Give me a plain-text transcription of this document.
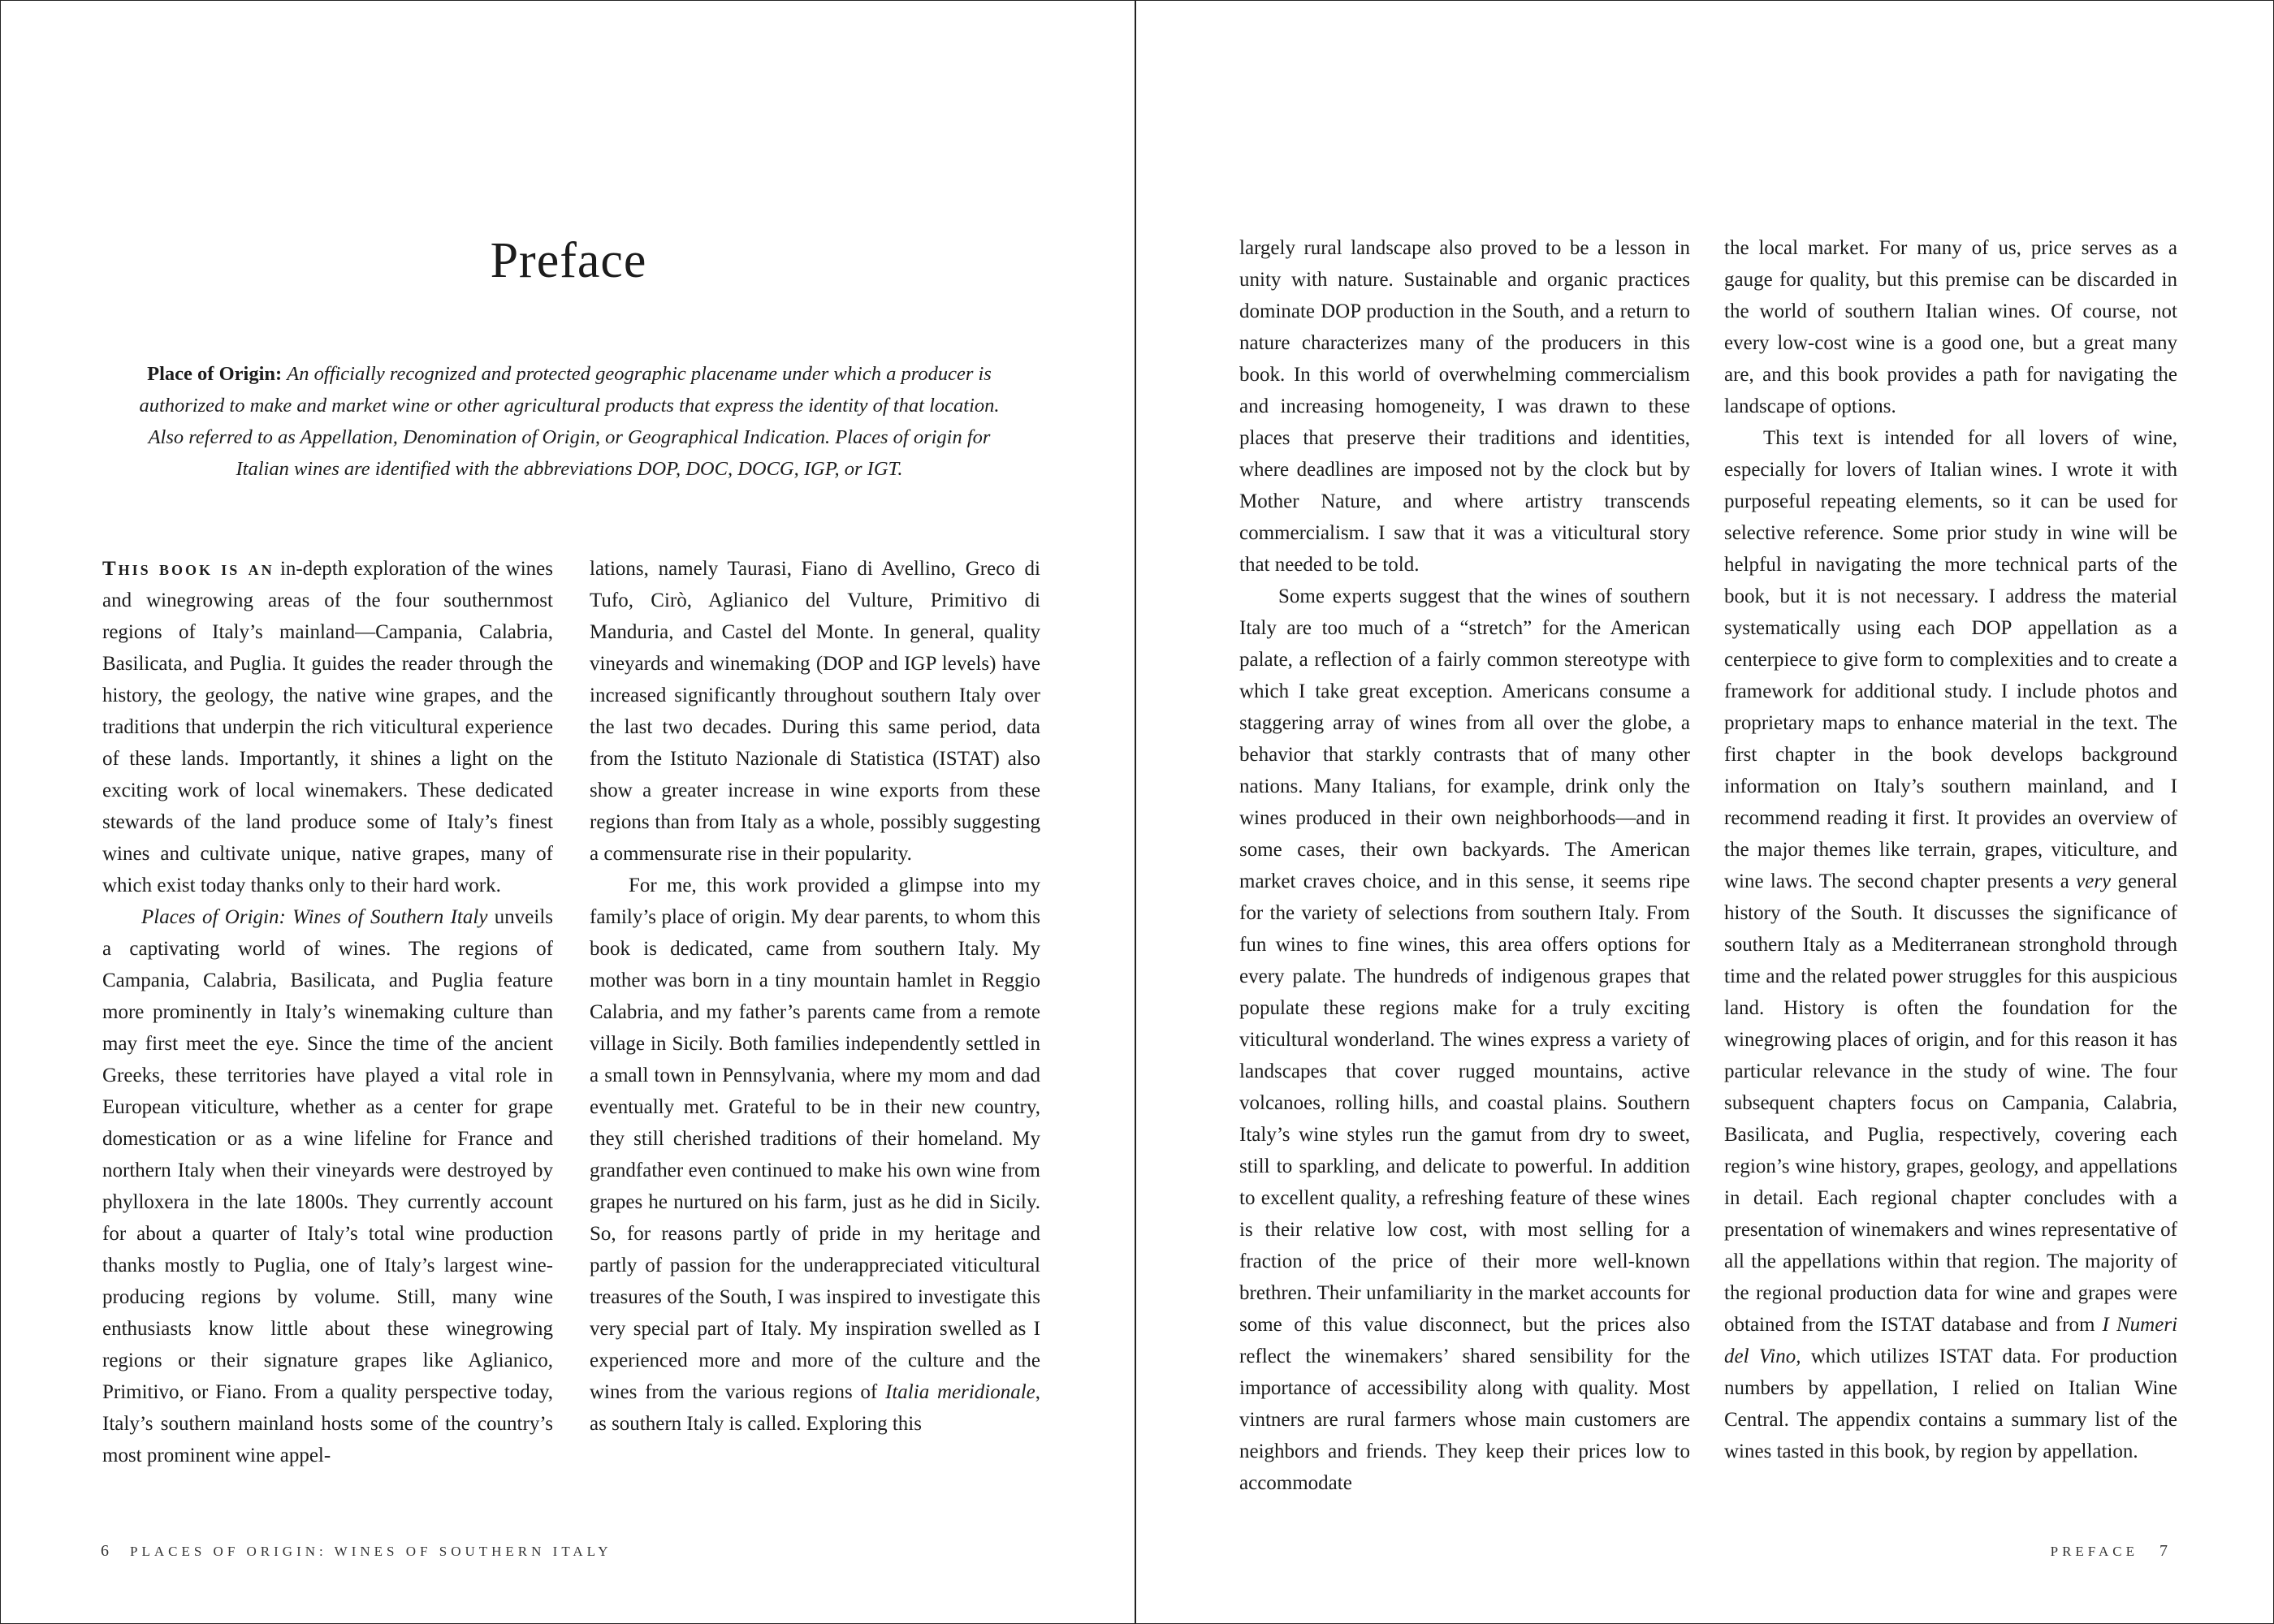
Preface

Place of Origin: An officially recognized and protected geographic placename under which a producer is authorized to make and market wine or other agricultural products that express the identity of that location. Also referred to as Appellation, Denomination of Origin, or Geographical Indication. Places of origin for Italian wines are identified with the abbreviations DOP, DOC, DOCG, IGP, or IGT.

This book is an in-depth exploration of the wines and winegrowing areas of the four southernmost regions of Italy’s mainland—Campania, Calabria, Basilicata, and Puglia. It guides the reader through the history, the geology, the native wine grapes, and the traditions that underpin the rich viticultural experience of these lands. Importantly, it shines a light on the exciting work of local winemakers. These dedicated stewards of the land produce some of Italy’s finest wines and cultivate unique, native grapes, many of which exist today thanks only to their hard work.

Places of Origin: Wines of Southern Italy unveils a captivating world of wines. The regions of Campania, Calabria, Basilicata, and Puglia feature more prominently in Italy’s winemaking culture than may first meet the eye. Since the time of the ancient Greeks, these territories have played a vital role in European viticulture, whether as a center for grape domestication or as a wine lifeline for France and northern Italy when their vineyards were destroyed by phylloxera in the late 1800s. They currently account for about a quarter of Italy’s total wine production thanks mostly to Puglia, one of Italy’s largest wine-producing regions by volume. Still, many wine enthusiasts know little about these winegrowing regions or their signature grapes like Aglianico, Primitivo, or Fiano. From a quality perspective today, Italy’s southern mainland hosts some of the country’s most prominent wine appel-

lations, namely Taurasi, Fiano di Avellino, Greco di Tufo, Cirò, Aglianico del Vulture, Primitivo di Manduria, and Castel del Monte. In general, quality vineyards and winemaking (DOP and IGP levels) have increased significantly throughout southern Italy over the last two decades. During this same period, data from the Istituto Nazionale di Statistica (ISTAT) also show a greater increase in wine exports from these regions than from Italy as a whole, possibly suggesting a commensurate rise in their popularity.

For me, this work provided a glimpse into my family’s place of origin. My dear parents, to whom this book is dedicated, came from southern Italy. My mother was born in a tiny mountain hamlet in Reggio Calabria, and my father’s parents came from a remote village in Sicily. Both families independently settled in a small town in Pennsylvania, where my mom and dad eventually met. Grateful to be in their new country, they still cherished traditions of their homeland. My grandfather even continued to make his own wine from grapes he nurtured on his farm, just as he did in Sicily. So, for reasons partly of pride in my heritage and partly of passion for the underappreciated viticultural treasures of the South, I was inspired to investigate this very special part of Italy. My inspiration swelled as I experienced more and more of the culture and the wines from the various regions of Italia meridionale, as southern Italy is called. Exploring this

6 PLACES OF ORIGIN: WINES OF SOUTHERN ITALY

largely rural landscape also proved to be a lesson in unity with nature. Sustainable and organic practices dominate DOP production in the South, and a return to nature characterizes many of the producers in this book. In this world of overwhelming commercialism and increasing homogeneity, I was drawn to these places that preserve their traditions and identities, where deadlines are imposed not by the clock but by Mother Nature, and where artistry transcends commercialism. I saw that it was a viticultural story that needed to be told.

Some experts suggest that the wines of southern Italy are too much of a “stretch” for the American palate, a reflection of a fairly common stereotype with which I take great exception. Americans consume a staggering array of wines from all over the globe, a behavior that starkly contrasts that of many other nations. Many Italians, for example, drink only the wines produced in their own neighborhoods—and in some cases, their own backyards. The American market craves choice, and in this sense, it seems ripe for the variety of selections from southern Italy. From fun wines to fine wines, this area offers options for every palate. The hundreds of indigenous grapes that populate these regions make for a truly exciting viticultural wonderland. The wines express a variety of landscapes that cover rugged mountains, active volcanoes, rolling hills, and coastal plains. Southern Italy’s wine styles run the gamut from dry to sweet, still to sparkling, and delicate to powerful. In addition to excellent quality, a refreshing feature of these wines is their relative low cost, with most selling for a fraction of the price of their more well-known brethren. Their unfamiliarity in the market accounts for some of this value disconnect, but the prices also reflect the winemakers’ shared sensibility for the importance of accessibility along with quality. Most vintners are rural farmers whose main customers are neighbors and friends. They keep their prices low to accommodate

the local market. For many of us, price serves as a gauge for quality, but this premise can be discarded in the world of southern Italian wines. Of course, not every low-cost wine is a good one, but a great many are, and this book provides a path for navigating the landscape of options.

This text is intended for all lovers of wine, especially for lovers of Italian wines. I wrote it with purposeful repeating elements, so it can be used for selective reference. Some prior study in wine will be helpful in navigating the more technical parts of the book, but it is not necessary. I address the material systematically using each DOP appellation as a centerpiece to give form to complexities and to create a framework for additional study. I include photos and proprietary maps to enhance material in the text. The first chapter in the book develops background information on Italy’s southern mainland, and I recommend reading it first. It provides an overview of the major themes like terrain, grapes, viticulture, and wine laws. The second chapter presents a very general history of the South. It discusses the significance of southern Italy as a Mediterranean stronghold through time and the related power struggles for this auspicious land. History is often the foundation for the winegrowing places of origin, and for this reason it has particular relevance in the study of wine. The four subsequent chapters focus on Campania, Calabria, Basilicata, and Puglia, respectively, covering each region’s wine history, grapes, geology, and appellations in detail. Each regional chapter concludes with a presentation of winemakers and wines representative of all the appellations within that region. The majority of the regional production data for wine and grapes were obtained from the ISTAT database and from I Numeri del Vino, which utilizes ISTAT data. For production numbers by appellation, I relied on Italian Wine Central. The appendix contains a summary list of the wines tasted in this book, by region by appellation.

PREFACE 7
